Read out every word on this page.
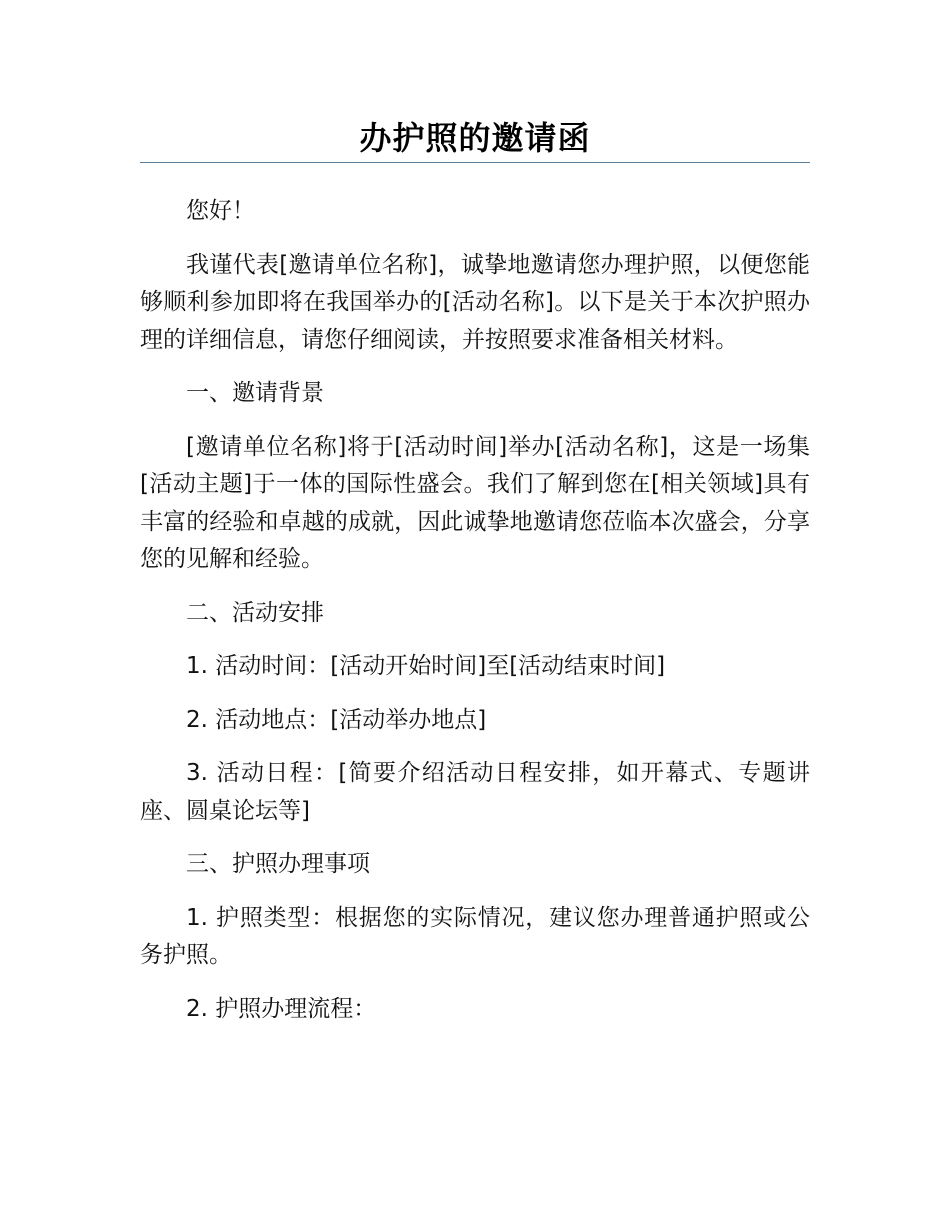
办护照的邀请函

您好！

我谨代表[邀请单位名称]，诚挚地邀请您办理护照，以便您能够顺利参加即将在我国举办的[活动名称]。以下是关于本次护照办理的详细信息，请您仔细阅读，并按照要求准备相关材料。

一、邀请背景

[邀请单位名称]将于[活动时间]举办[活动名称]，这是一场集[活动主题]于一体的国际性盛会。我们了解到您在[相关领域]具有丰富的经验和卓越的成就，因此诚挚地邀请您莅临本次盛会，分享您的见解和经验。

二、活动安排

1. 活动时间：[活动开始时间]至[活动结束时间]

2. 活动地点：[活动举办地点]

3. 活动日程：[简要介绍活动日程安排，如开幕式、专题讲座、圆桌论坛等]

三、护照办理事项

1. 护照类型：根据您的实际情况，建议您办理普通护照或公务护照。

2. 护照办理流程：
